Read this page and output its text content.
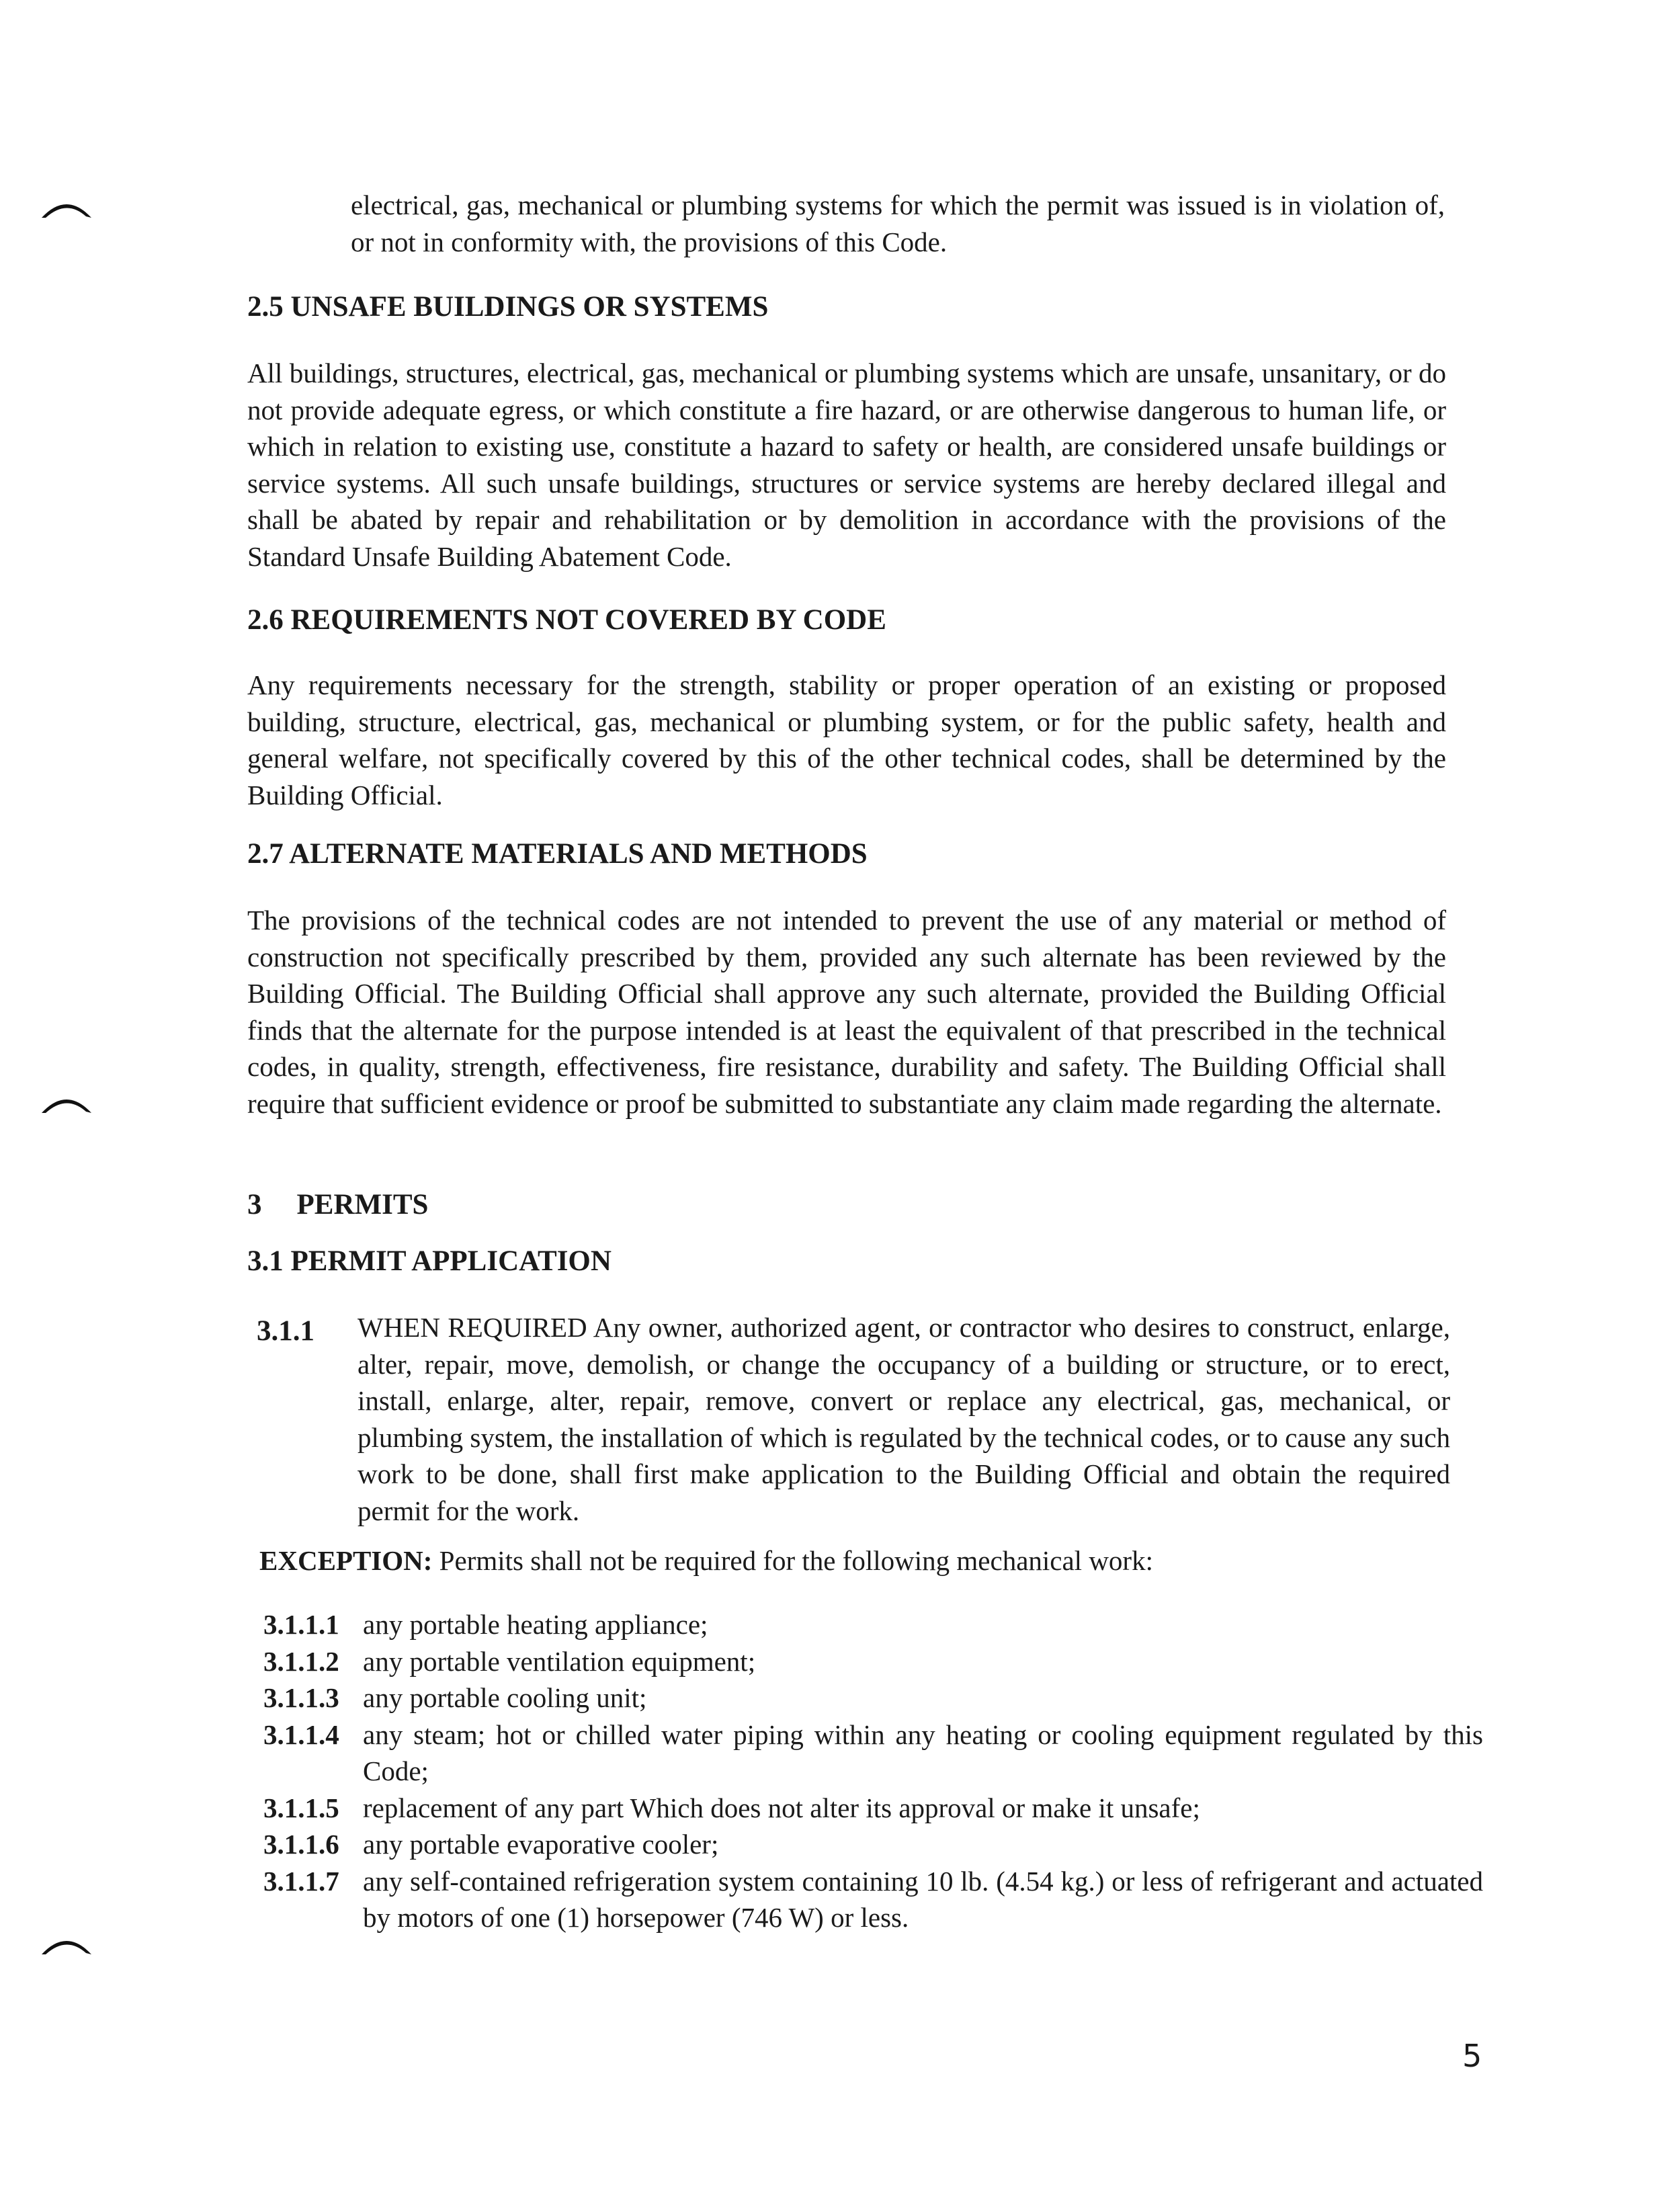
electrical, gas, mechanical or plumbing systems for which the permit was issued is in violation of, or not in conformity with, the provisions of this Code.

2.5 UNSAFE BUILDINGS OR SYSTEMS

All buildings, structures, electrical, gas, mechanical or plumbing systems which are unsafe, unsanitary, or do not provide adequate egress, or which constitute a fire hazard, or are otherwise dangerous to human life, or which in relation to existing use, constitute a hazard to safety or health, are considered unsafe buildings or service systems. All such unsafe buildings, structures or service systems are hereby declared illegal and shall be abated by repair and rehabilitation or by demolition in accordance with the provisions of the Standard Unsafe Building Abatement Code.

2.6 REQUIREMENTS NOT COVERED BY CODE

Any requirements necessary for the strength, stability or proper operation of an existing or proposed building, structure, electrical, gas, mechanical or plumbing system, or for the public safety, health and general welfare, not specifically covered by this of the other technical codes, shall be determined by the Building Official.

2.7 ALTERNATE MATERIALS AND METHODS

The provisions of the technical codes are not intended to prevent the use of any material or method of construction not specifically prescribed by them, provided any such alternate has been reviewed by the Building Official. The Building Official shall approve any such alternate, provided the Building Official finds that the alternate for the purpose intended is at least the equivalent of that prescribed in the technical codes, in quality, strength, effectiveness, fire resistance, durability and safety. The Building Official shall require that sufficient evidence or proof be submitted to substantiate any claim made regarding the alternate.

3 PERMITS
3.1 PERMIT APPLICATION
3.1.1 WHEN REQUIRED Any owner, authorized agent, or contractor who desires to construct, enlarge, alter, repair, move, demolish, or change the occupancy of a building or structure, or to erect, install, enlarge, alter, repair, remove, convert or replace any electrical, gas, mechanical, or plumbing system, the installation of which is regulated by the technical codes, or to cause any such work to be done, shall first make application to the Building Official and obtain the required permit for the work.

EXCEPTION: Permits shall not be required for the following mechanical work:

3.1.1.1 any portable heating appliance;
3.1.1.2 any portable ventilation equipment;
3.1.1.3 any portable cooling unit;
3.1.1.4 any steam; hot or chilled water piping within any heating or cooling equipment regulated by this Code;
3.1.1.5 replacement of any part Which does not alter its approval or make it unsafe;
3.1.1.6 any portable evaporative cooler;
3.1.1.7 any self-contained refrigeration system containing 10 lb. (4.54 kg.) or less of refrigerant and actuated by motors of one (1) horsepower (746 W) or less.

5
